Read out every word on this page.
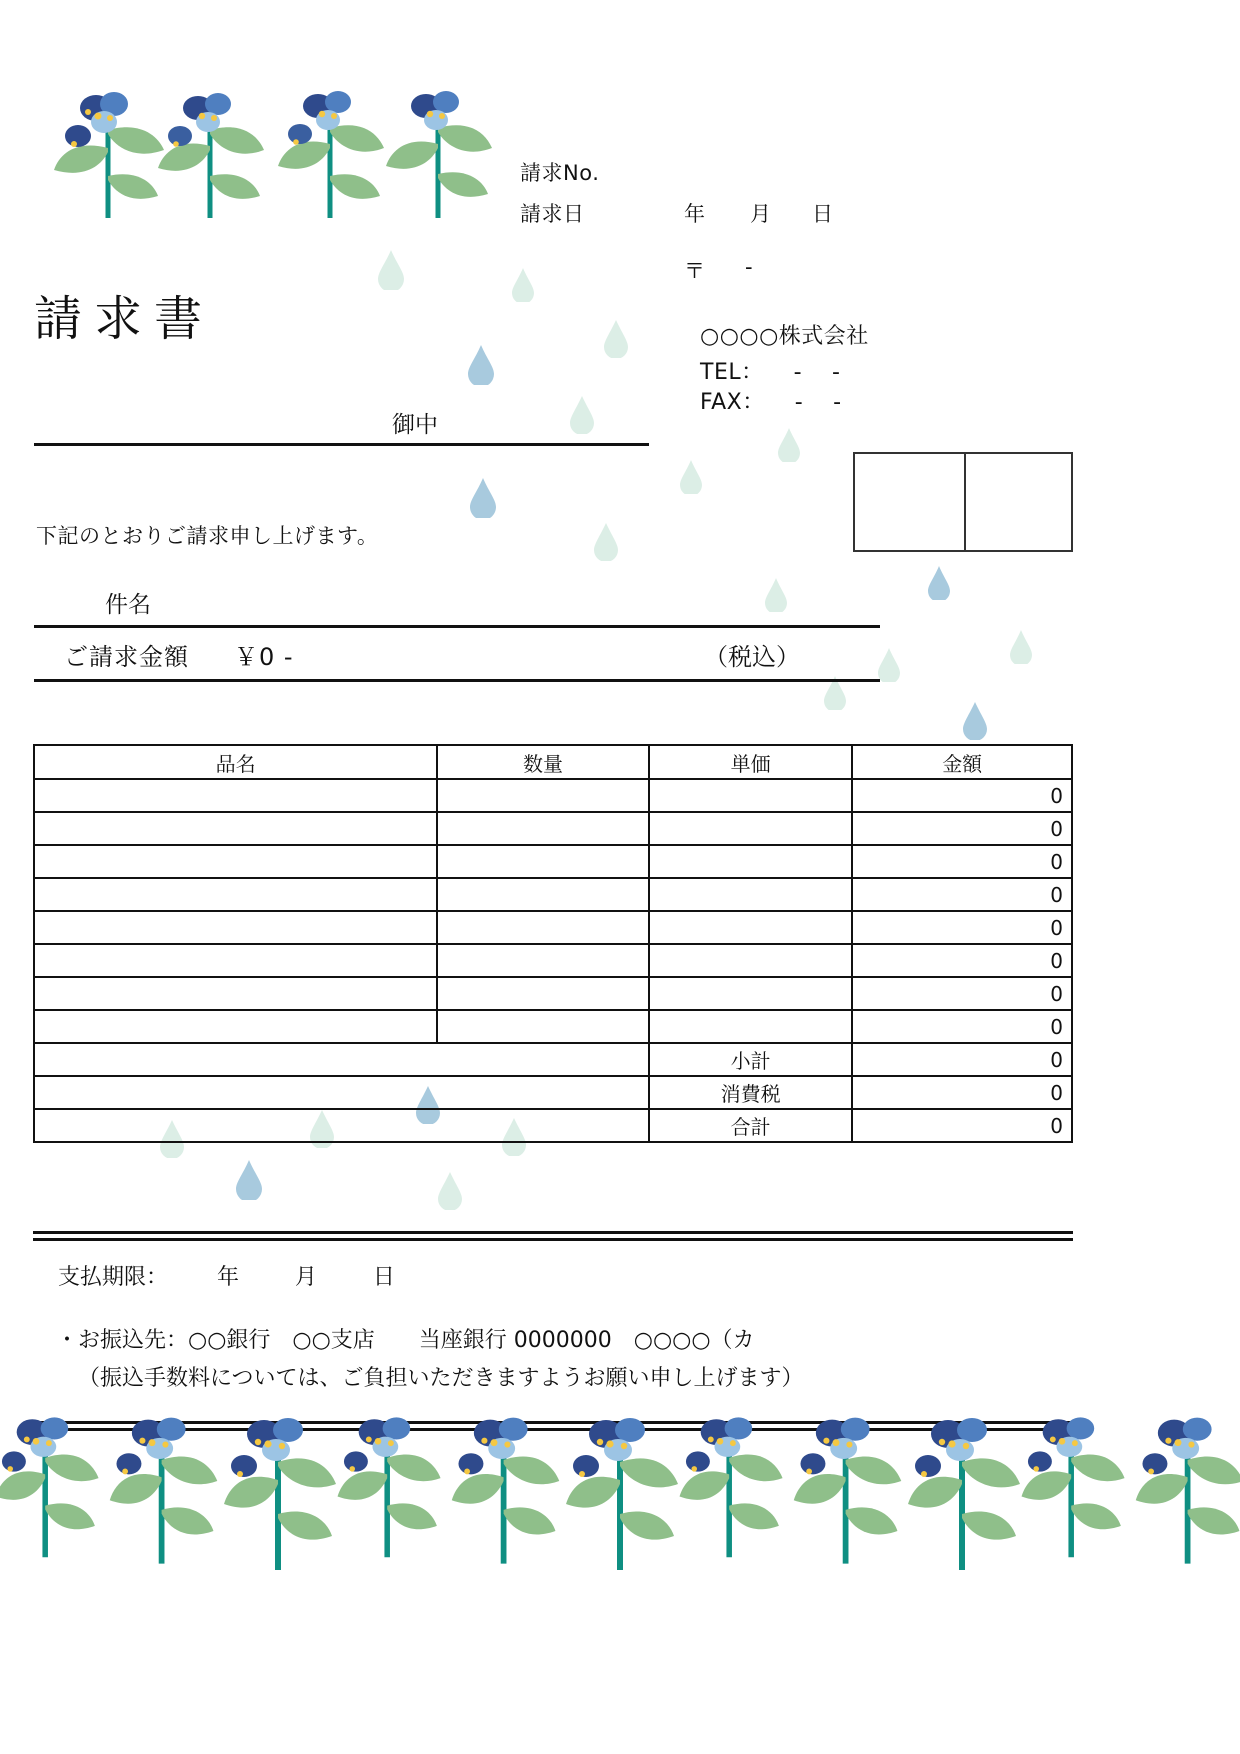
請求No.
請求日	年 月 日
〒 -
○○○○株式会社
TEL：    -    -
FAX：    -    -
請求書
御中
下記のとおりご請求申し上げます。
件名
ご請求金額 ￥0 -	（税込）
品名	数量	単価	金額
			0
			0
			0
			0
			0
			0
			0
			0
		小計	0
		消費税	0
		合計	0
支払期限：       年        月        日
・お振込先：○○銀行　○○支店　　当座銀行 0000000　○○○○（カ
（振込手数料については、ご負担いただきますようお願い申し上げます）
